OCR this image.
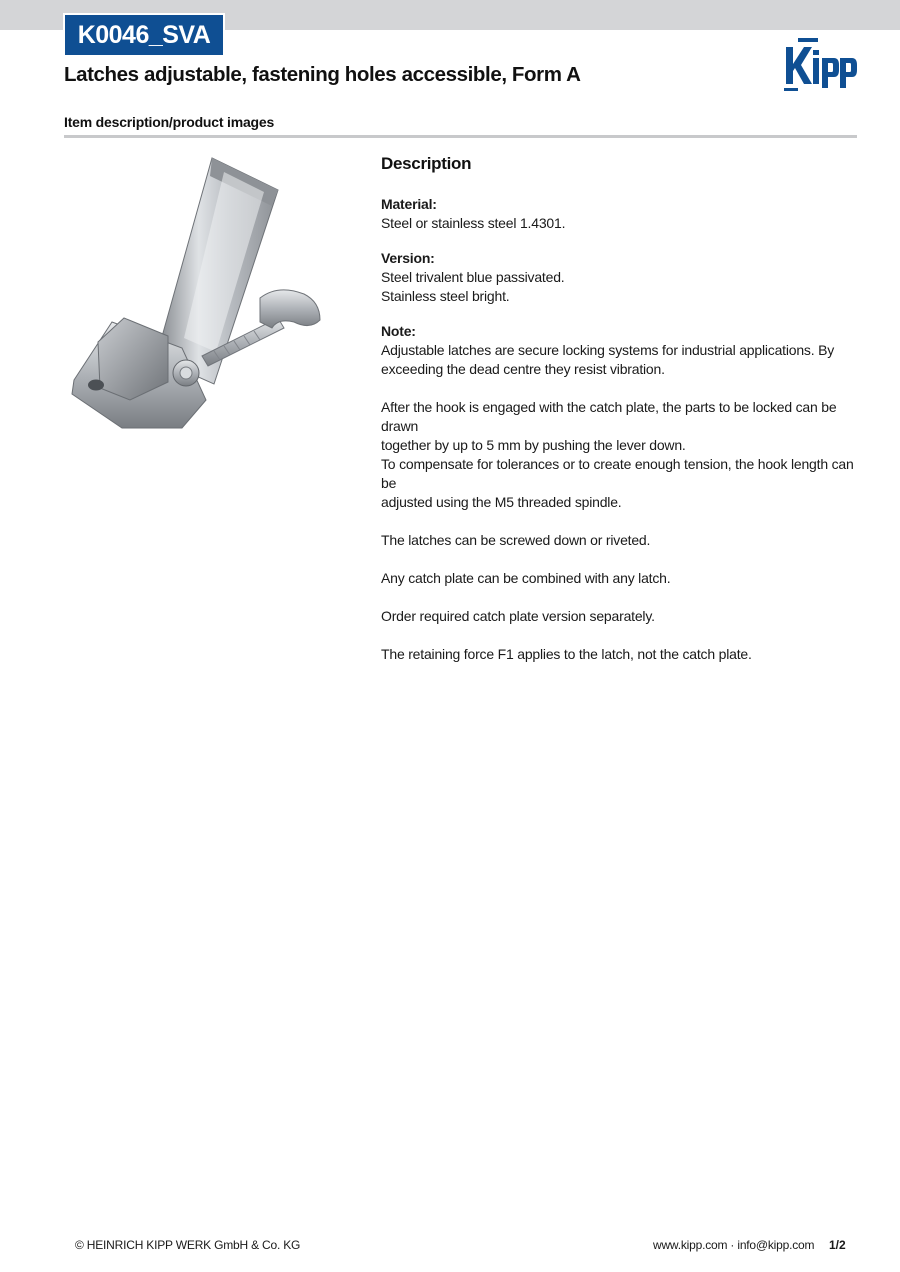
K0046_SVA
Latches adjustable, fastening holes accessible, Form A
Kipp
Item description/product images
Description
Material:
Steel or stainless steel 1.4301.
Version:
Steel trivalent blue passivated.
Stainless steel bright.
Note:
Adjustable latches are secure locking systems for industrial applications. By
exceeding the dead centre they resist vibration.
After the hook is engaged with the catch plate, the parts to be locked can be drawn
together by up to 5 mm by pushing the lever down.
To compensate for tolerances or to create enough tension, the hook length can be
adjusted using the M5 threaded spindle.
The latches can be screwed down or riveted.
Any catch plate can be combined with any latch.
Order required catch plate version separately.
The retaining force F1 applies to the latch, not the catch plate.
© HEINRICH KIPP WERK GmbH & Co. KG	www.kipp.com · info@kipp.com 1/2
